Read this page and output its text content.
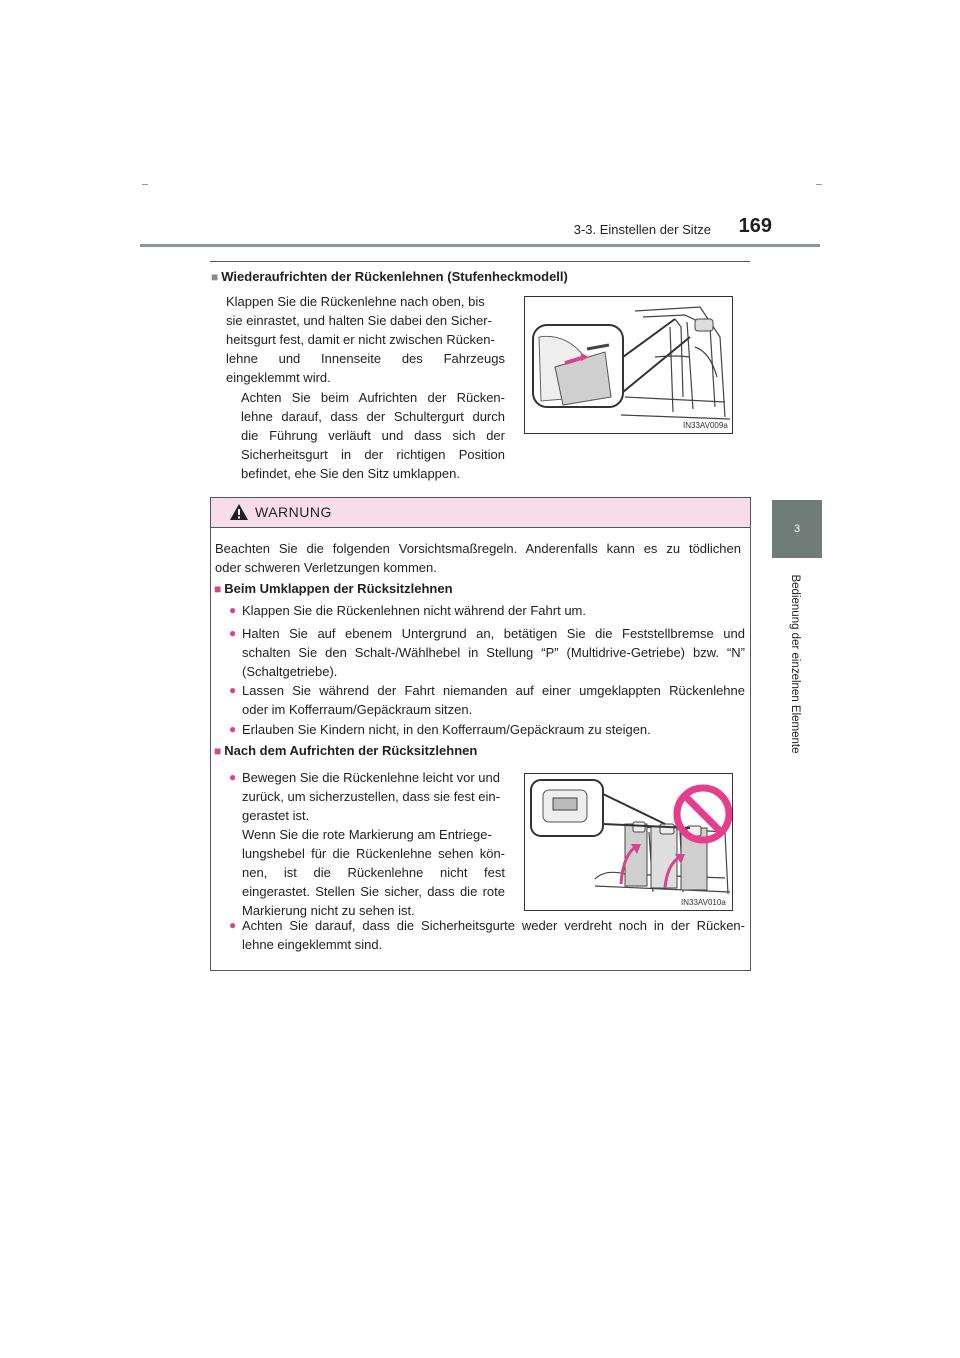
3-3. Einstellen der Sitze	169
3
Bedienung der einzelnen Elemente
■ Wiederaufrichten der Rückenlehnen (Stufenheckmodell)
Klappen Sie die Rückenlehne nach oben, bis
sie einrastet, und halten Sie dabei den Sicher-
heitsgurt fest, damit er nicht zwischen Rücken-
lehne und Innenseite des Fahrzeugs
eingeklemmt wird.
Achten Sie beim Aufrichten der Rücken-
lehne darauf, dass der Schultergurt durch
die Führung verläuft und dass sich der
Sicherheitsgurt in der richtigen Position
befindet, ehe Sie den Sitz umklappen.
IN33AV009a
WARNUNG
Beachten Sie die folgenden Vorsichtsmaßregeln. Anderenfalls kann es zu tödlichen
oder schweren Verletzungen kommen.
■ Beim Umklappen der Rücksitzlehnen
● Klappen Sie die Rückenlehnen nicht während der Fahrt um.
● Halten Sie auf ebenem Untergrund an, betätigen Sie die Feststellbremse und
schalten Sie den Schalt-/Wählhebel in Stellung “P” (Multidrive-Getriebe) bzw. “N”
(Schaltgetriebe).
● Lassen Sie während der Fahrt niemanden auf einer umgeklappten Rückenlehne
oder im Kofferraum/Gepäckraum sitzen.
● Erlauben Sie Kindern nicht, in den Kofferraum/Gepäckraum zu steigen.
■ Nach dem Aufrichten der Rücksitzlehnen
● Bewegen Sie die Rückenlehne leicht vor und
zurück, um sicherzustellen, dass sie fest ein-
gerastet ist.
Wenn Sie die rote Markierung am Entriege-
lungshebel für die Rückenlehne sehen kön-
nen, ist die Rückenlehne nicht fest
eingerastet. Stellen Sie sicher, dass die rote
Markierung nicht zu sehen ist.
IN33AV010a
● Achten Sie darauf, dass die Sicherheitsgurte weder verdreht noch in der Rücken-
lehne eingeklemmt sind.
